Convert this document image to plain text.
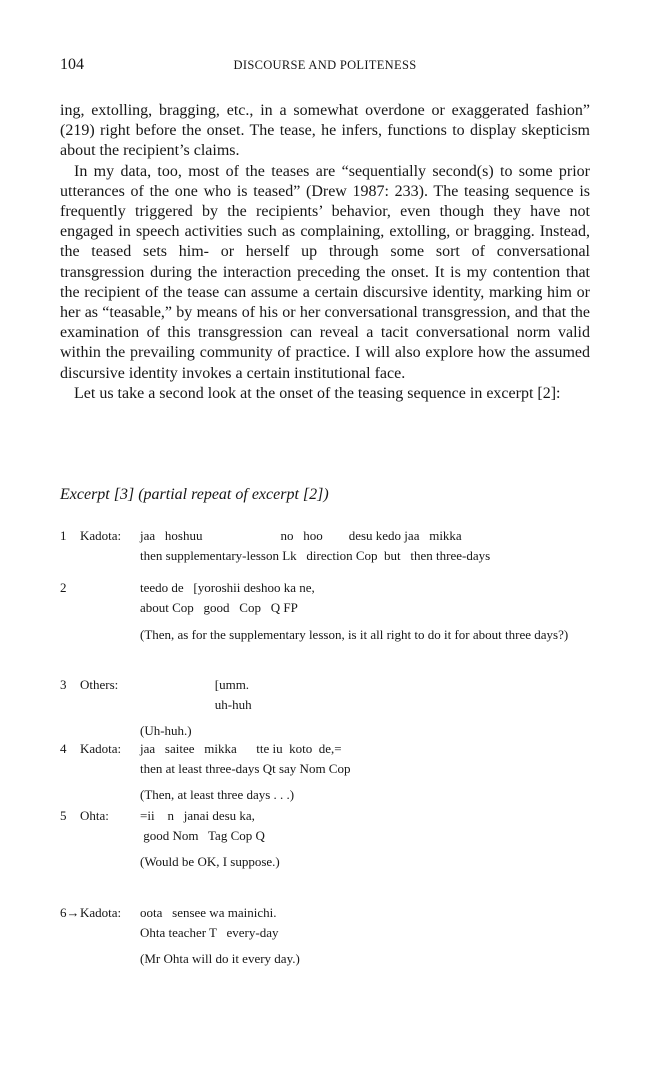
104	DISCOURSE AND POLITENESS

ing, extolling, bragging, etc., in a somewhat overdone or exaggerated fashion” (219) right before the onset. The tease, he infers, functions to display skepticism about the recipient’s claims.

In my data, too, most of the teases are “sequentially second(s) to some prior utterances of the one who is teased” (Drew 1987: 233). The teasing sequence is frequently triggered by the recipients’ behavior, even though they have not engaged in speech activities such as complaining, extolling, or bragging. Instead, the teased sets him- or herself up through some sort of conversational transgression during the interaction preceding the onset. It is my contention that the recipient of the tease can assume a certain discursive identity, marking him or her as “teasable,” by means of his or her conversational transgression, and that the examination of this transgression can reveal a tacit conversational norm valid within the prevailing community of practice. I will also explore how the assumed discursive identity invokes a certain institutional face.

Let us take a second look at the onset of the teasing sequence in excerpt [2]:

Excerpt [3] (partial repeat of excerpt [2])
1 Kadota: jaa   hoshuu                        no   hoo        desu kedo jaa   mikka
then supplementary-lesson Lk   direction Cop  but   then three-days
2	teedo de   [yoroshii deshoo ka ne,
about Cop   good   Cop   Q FP
(Then, as for the supplementary lesson, is it all right to do it for about three days?)
3 Others: [umm.
uh-huh
(Uh-huh.)
4 Kadota: jaa   saitee   mikka      tte iu  koto  de,=
then at least three-days Qt say Nom Cop
(Then, at least three days . . .)
5 Ohta: =ii    n   janai desu ka,
good Nom   Tag Cop Q
(Would be OK, I suppose.)
6→ Kadota: oota   sensee wa mainichi.
Ohta teacher T   every-day
(Mr Ohta will do it every day.)
